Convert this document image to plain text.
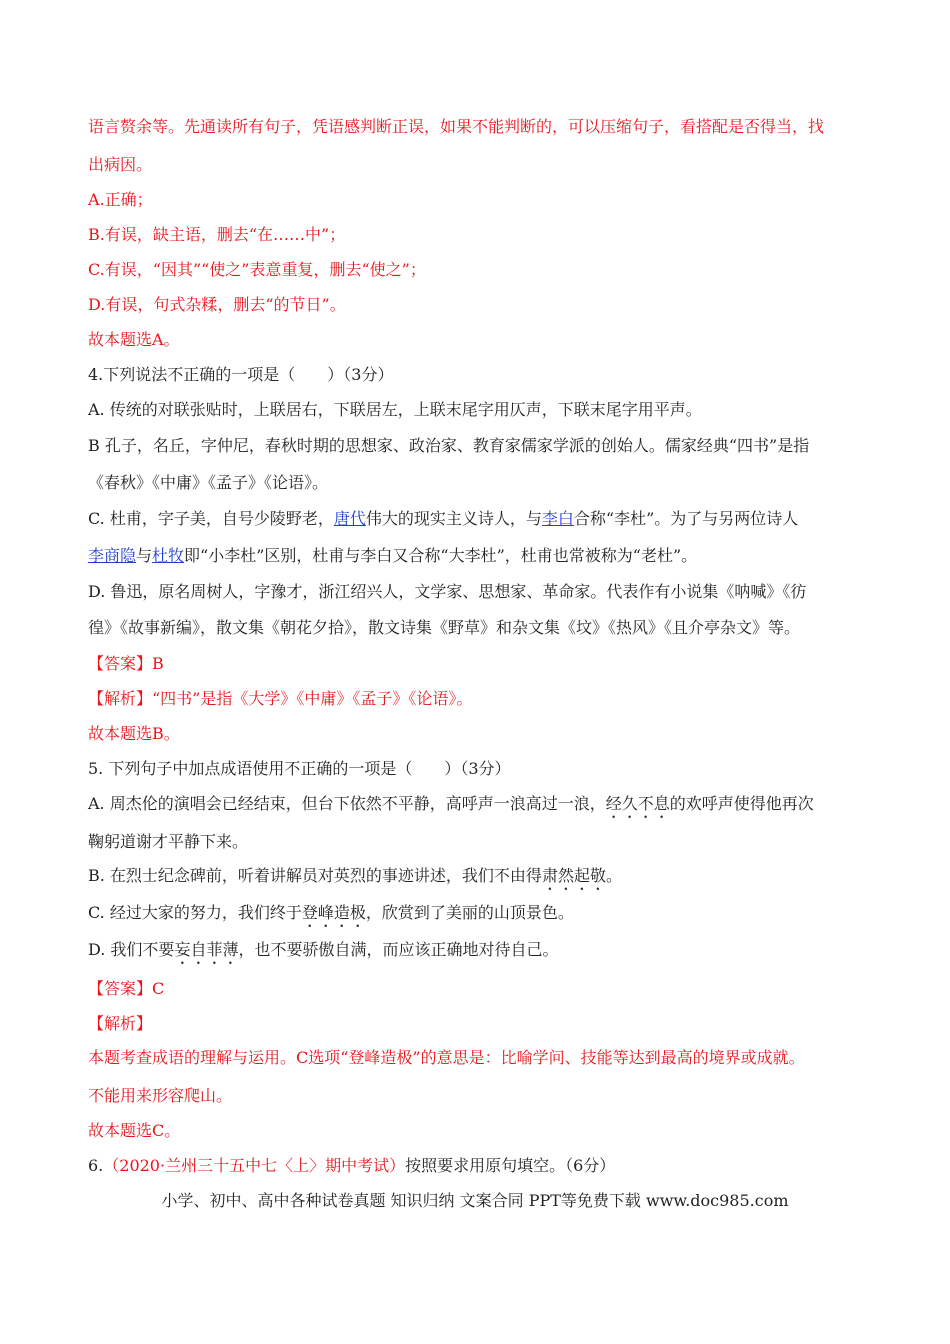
语言赘余等。先通读所有句子，凭语感判断正误，如果不能判断的，可以压缩句子，看搭配是否得当，找

出病因。

A.正确；

B.有误，缺主语，删去“在……中”；

C.有误，“因其”“使之”表意重复，删去“使之”；

D.有误，句式杂糅，删去“的节日”。

故本题选A。

4.下列说法不正确的一项是（　　）（3分）

A. 传统的对联张贴时，上联居右，下联居左，上联末尾字用仄声，下联末尾字用平声。

B 孔子，名丘，字仲尼，春秋时期的思想家、政治家、教育家儒家学派的创始人。儒家经典“四书”是指

《春秋》《中庸》《孟子》《论语》。

C. 杜甫，字子美，自号少陵野老，唐代伟大的现实主义诗人，与李白合称“李杜”。为了与另两位诗人

李商隐与杜牧即“小李杜”区别，杜甫与李白又合称“大李杜”，杜甫也常被称为“老杜”。

D. 鲁迅，原名周树人，字豫才，浙江绍兴人，文学家、思想家、革命家。代表作有小说集《呐喊》《彷

徨》《故事新编》，散文集《朝花夕拾》，散文诗集《野草》和杂文集《坟》《热风》《且介亭杂文》等。

【答案】B

【解析】“四书”是指《大学》《中庸》《孟子》《论语》。

故本题选B。

5. 下列句子中加点成语使用不正确的一项是（　　）（3分）

A. 周杰伦的演唱会已经结束，但台下依然不平静，高呼声一浪高过一浪，经久不息的欢呼声使得他再次

鞠躬道谢才平静下来。

B. 在烈士纪念碑前，听着讲解员对英烈的事迹讲述，我们不由得肃然起敬。

C. 经过大家的努力，我们终于登峰造极，欣赏到了美丽的山顶景色。

D. 我们不要妄自菲薄，也不要骄傲自满，而应该正确地对待自己。

【答案】C

【解析】

本题考查成语的理解与运用。C选项“登峰造极”的意思是：比喻学问、技能等达到最高的境界或成就。

不能用来形容爬山。

故本题选C。

6.（2020·兰州三十五中七〈上〉期中考试）按照要求用原句填空。（6分）

小学、初中、高中各种试卷真题 知识归纳 文案合同 PPT等免费下载 www.doc985.com
